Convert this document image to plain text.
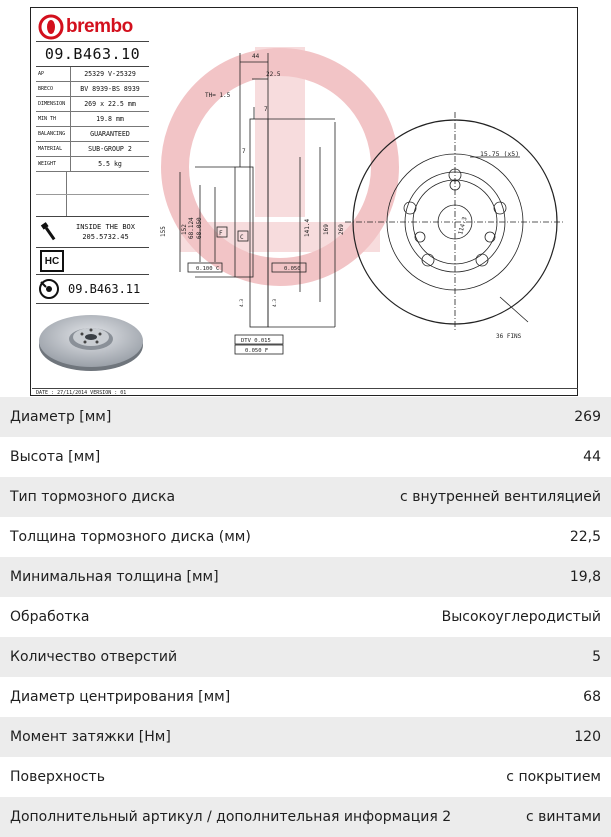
brembo
09.B463.10
AP	25329 V-25329
BRECO	BV 8939-BS 8939
DIMENSION	269 x 22.5 mm
MIN TH	19.8 mm
BALANCING	GUARANTEED
MATERIAL	SUB-GROUP 2
WEIGHT	5.5 kg
INSIDE THE BOX
205.5732.45
HC
09.B463.11
44
22.5
TH= 1.5
7
7
155 152 68.124 68.050	141.4 169 269
F
C
0.100 C	0.050
DTV 0.015
0.050 F
4.3	4.3
15.75 (x5)
114.3
36 FINS
DATE : 27/11/2014 VERSION : 01
Диаметр [мм]	269
Высота [мм]	44
Тип тормозного диска	с внутренней вентиляцией
Толщина тормозного диска (мм)	22,5
Минимальная толщина [мм]	19,8
Обработка	Высокоуглеродистый
Количество отверстий	5
Диаметр центрирования [мм]	68
Момент затяжки [Нм]	120
Поверхность	с покрытием
Дополнительный артикул / дополнительная информация 2	с винтами
